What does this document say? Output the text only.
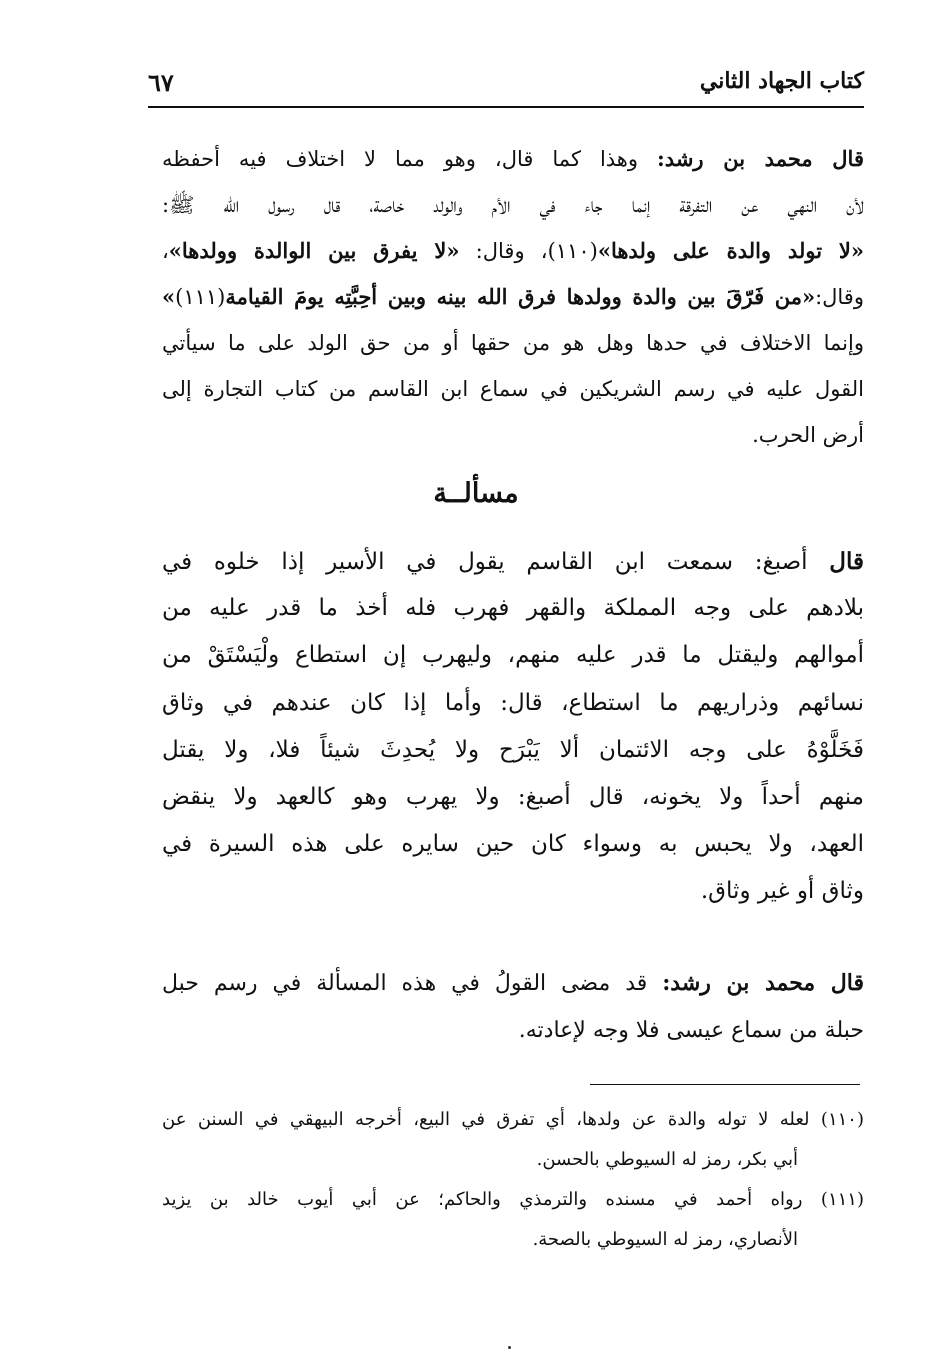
كتاب الجهاد الثاني
٦٧
قال محمد بن رشد: وهذا كما قال، وهو مما لا اختلاف فيه أحفظه
لأن النهي عن التفرقة إنما جاء في الأم والولد خاصة، قال رسول الله ﷺ:
«لا تولد والدة على ولدها»(١١٠)، وقال: «لا يفرق بين الوالدة وولدها»،
وقال:«من فَرّقَ بين والدة وولدها فرق الله بينه وبين أحِبَّتِه يومَ القيامة(١١١)»
وإنما الاختلاف في حدها وهل هو من حقها أو من حق الولد على ما سيأتي
القول عليه في رسم الشريكين في سماع ابن القاسم من كتاب التجارة إلى
أرض الحرب.
مسألــة
قال أصبغ: سمعت ابن القاسم يقول في الأسير إذا خلوه في
بلادهم على وجه المملكة والقهر فهرب فله أخذ ما قدر عليه من
أموالهم وليقتل ما قدر عليه منهم، وليهرب إن استطاع ولْيَسْتَقْ من
نسائهم وذراريهم ما استطاع، قال: وأما إذا كان عندهم في وثاق
فَخَلَّوْهُ على وجه الائتمان ألا يَبْرَح ولا يُحدِثَ شيئاً فلا، ولا يقتل
منهم أحداً ولا يخونه، قال أصبغ: ولا يهرب وهو كالعهد ولا ينقض
العهد، ولا يحبس به وسواء كان حين سايره على هذه السيرة في
وثاق أو غير وثاق.
قال محمد بن رشد: قد مضى القولُ في هذه المسألة في رسم حبل
حبلة من سماع عيسى فلا وجه لإعادته.
(١١٠) لعله لا توله والدة عن ولدها، أي تفرق في البيع، أخرجه البيهقي في السنن عن
أبي بكر، رمز له السيوطي بالحسن.
(١١١) رواه أحمد في مسنده والترمذي والحاكم؛ عن أبي أيوب خالد بن يزيد
الأنصاري، رمز له السيوطي بالصحة.
